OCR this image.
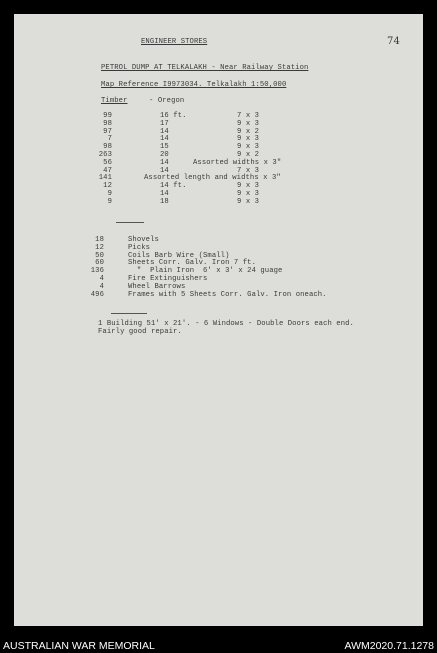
74
ENGINEER STORES
PETROL DUMP AT TELKALAKH - Near Railway Station
Map Reference I9973034. Telkalakh 1:50,000
Timber	- Oregon
99	16 ft.	7 x 3
98	17	9 x 3
97	14	9 x 2
7	14	9 x 3
98	15	9 x 3
263	20	9 x 2
56	14	Assorted widths x 3"
47	14	7 x 3
141	Assorted length and widths x 3"
12	14 ft.	9 x 3
9	14	9 x 3
9	18	9 x 3
18	Shovels
12	Picks
50	Coils Barb Wire (Small)
60	Sheets Corr. Galv. Iron 7 ft.
136	"  Plain Iron  6' x 3' x 24 guage
4	Fire Extinguishers
4	Wheel Barrows
496	Frames with 5 Sheets Corr. Galv. Iron oneach.
1 Building 51' x 21'. - 6 Windows - Double Doors each end.
Fairly good repair.
AUSTRALIAN WAR MEMORIAL	AWM2020.71.1278
